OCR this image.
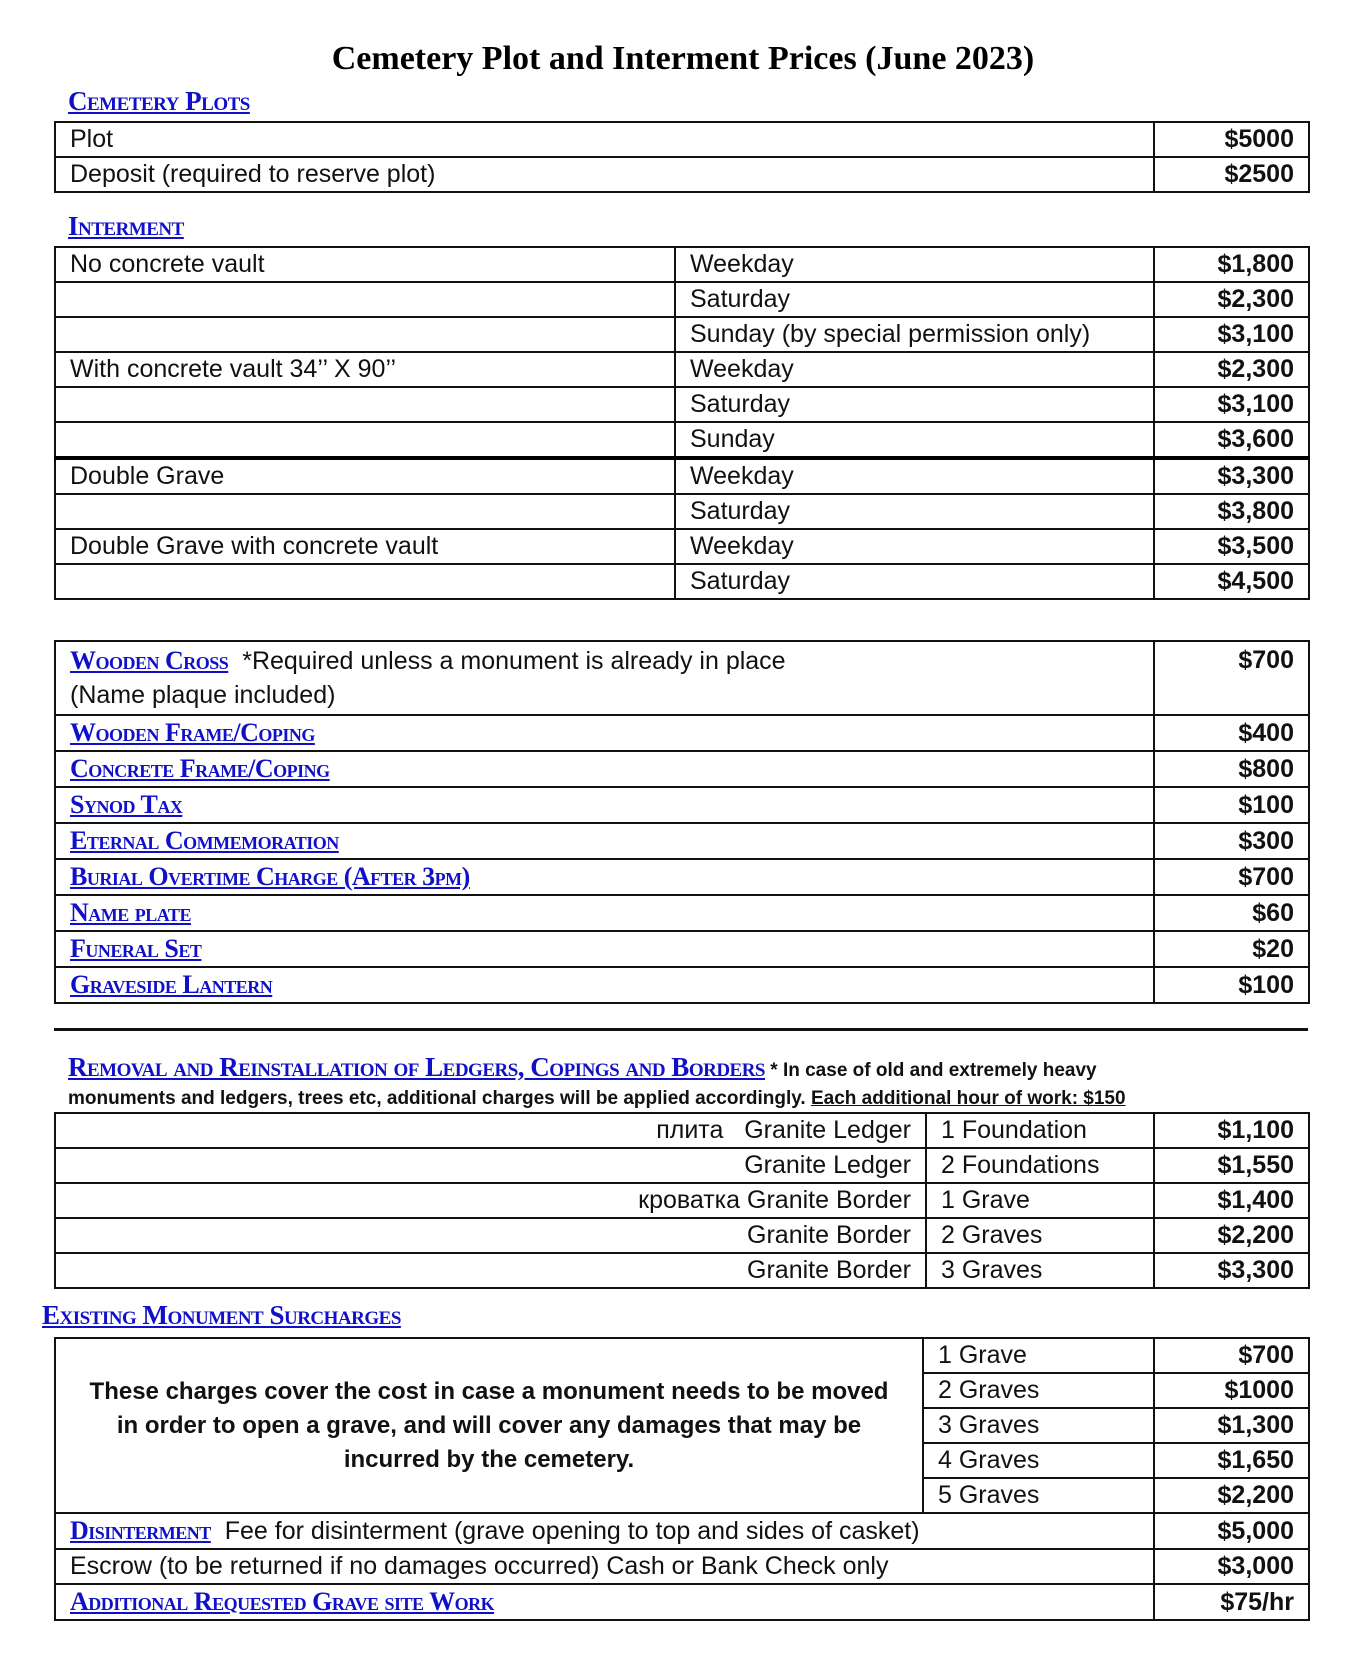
Cemetery Plot and Interment Prices (June 2023)
Cemetery Plots
Plot	$5000
Deposit (required to reserve plot)	$2500
Interment
No concrete vault	Weekday	$1,800
	Saturday	$2,300
	Sunday (by special permission only)	$3,100
With concrete vault 34’’ X 90’’	Weekday	$2,300
	Saturday	$3,100
	Sunday	$3,600
Double Grave	Weekday	$3,300
	Saturday	$3,800
Double Grave with concrete vault	Weekday	$3,500
	Saturday	$4,500
Wooden Cross *Required unless a monument is already in place
(Name plaque included)	$700
Wooden Frame/Coping	$400
Concrete Frame/Coping	$800
Synod Tax	$100
Eternal Commemoration	$300
Burial Overtime Charge (After 3pm)	$700
Name plate	$60
Funeral Set	$20
Graveside Lantern	$100
Removal and Reinstallation of Ledgers, Copings and Borders * In case of old and extremely heavy
monuments and ledgers, trees etc, additional charges will be applied accordingly. Each additional hour of work: $150
плита Granite Ledger	1 Foundation	$1,100
Granite Ledger	2 Foundations	$1,550
кроватка Granite Border	1 Grave	$1,400
Granite Border	2 Graves	$2,200
Granite Border	3 Graves	$3,300
Existing Monument Surcharges
These charges cover the cost in case a monument needs to be moved in order to open a grave, and will cover any damages that may be incurred by the cemetery.	1 Grave	$700
	2 Graves	$1000
	3 Graves	$1,300
	4 Graves	$1,650
	5 Graves	$2,200
Disinterment Fee for disinterment (grave opening to top and sides of casket)		$5,000
Escrow (to be returned if no damages occurred) Cash or Bank Check only		$3,000
Additional Requested Grave site Work		$75/hr
